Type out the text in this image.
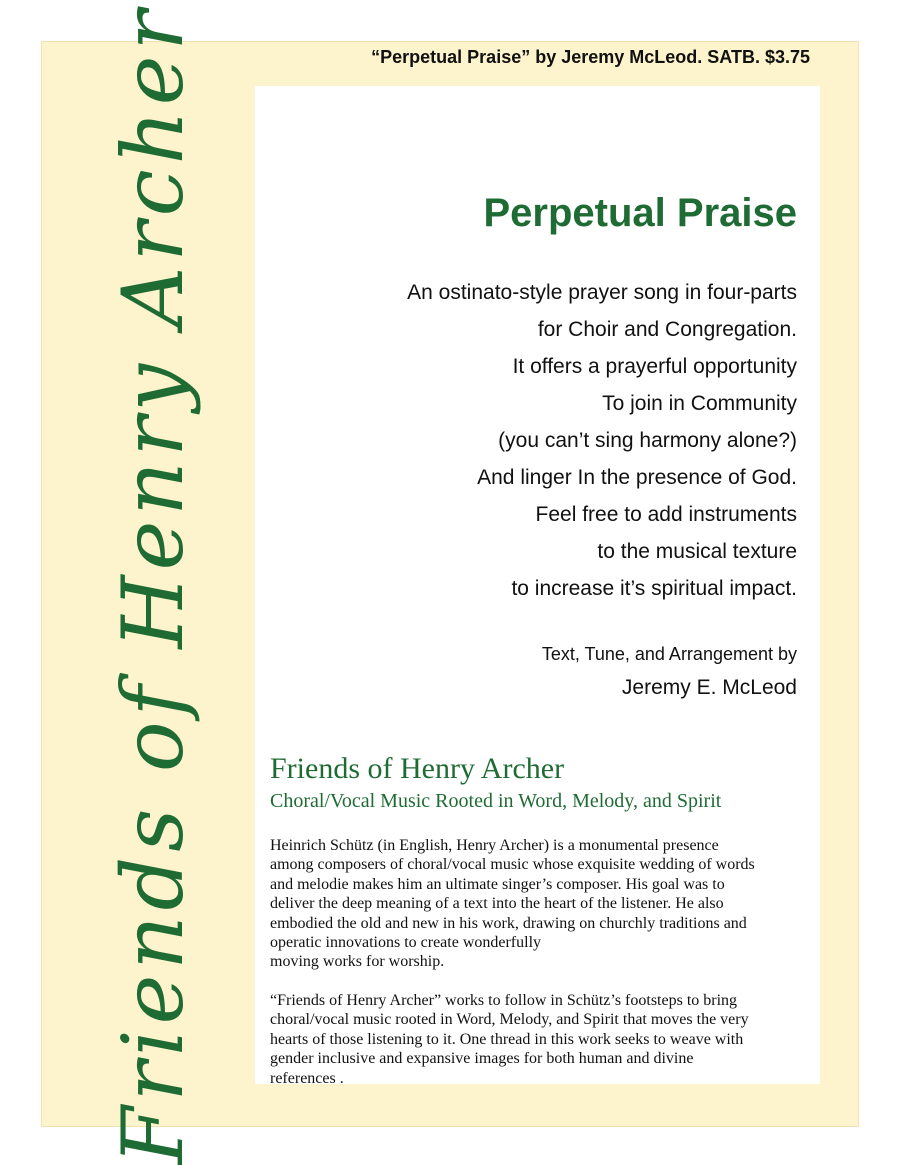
“Perpetual Praise” by Jeremy McLeod. SATB. $3.75
Friends of Henry Archer	Perpetual Praise
An ostinato-style prayer song in four-parts
for Choir and Congregation.
It offers a prayerful opportunity
To join in Community
(you can’t sing harmony alone?)
And linger In the presence of God.
Feel free to add instruments
to the musical texture
to increase it’s spiritual impact.
Text, Tune, and Arrangement by
Jeremy E. McLeod
Friends of Henry Archer
Choral/Vocal Music Rooted in Word, Melody, and Spirit
Heinrich Schütz (in English, Henry Archer) is a monumental presence
among composers of choral/vocal music whose exquisite wedding of words
and melodie makes him an ultimate singer’s composer. His goal was to
deliver the deep meaning of a text into the heart of the listener. He also
embodied the old and new in his work, drawing on churchly traditions and
operatic innovations to create wonderfully
moving works for worship.
“Friends of Henry Archer” works to follow in Schütz’s footsteps to bring
choral/vocal music rooted in Word, Melody, and Spirit that moves the very
hearts of those listening to it. One thread in this work seeks to weave with
gender inclusive and expansive images for both human and divine
references .
